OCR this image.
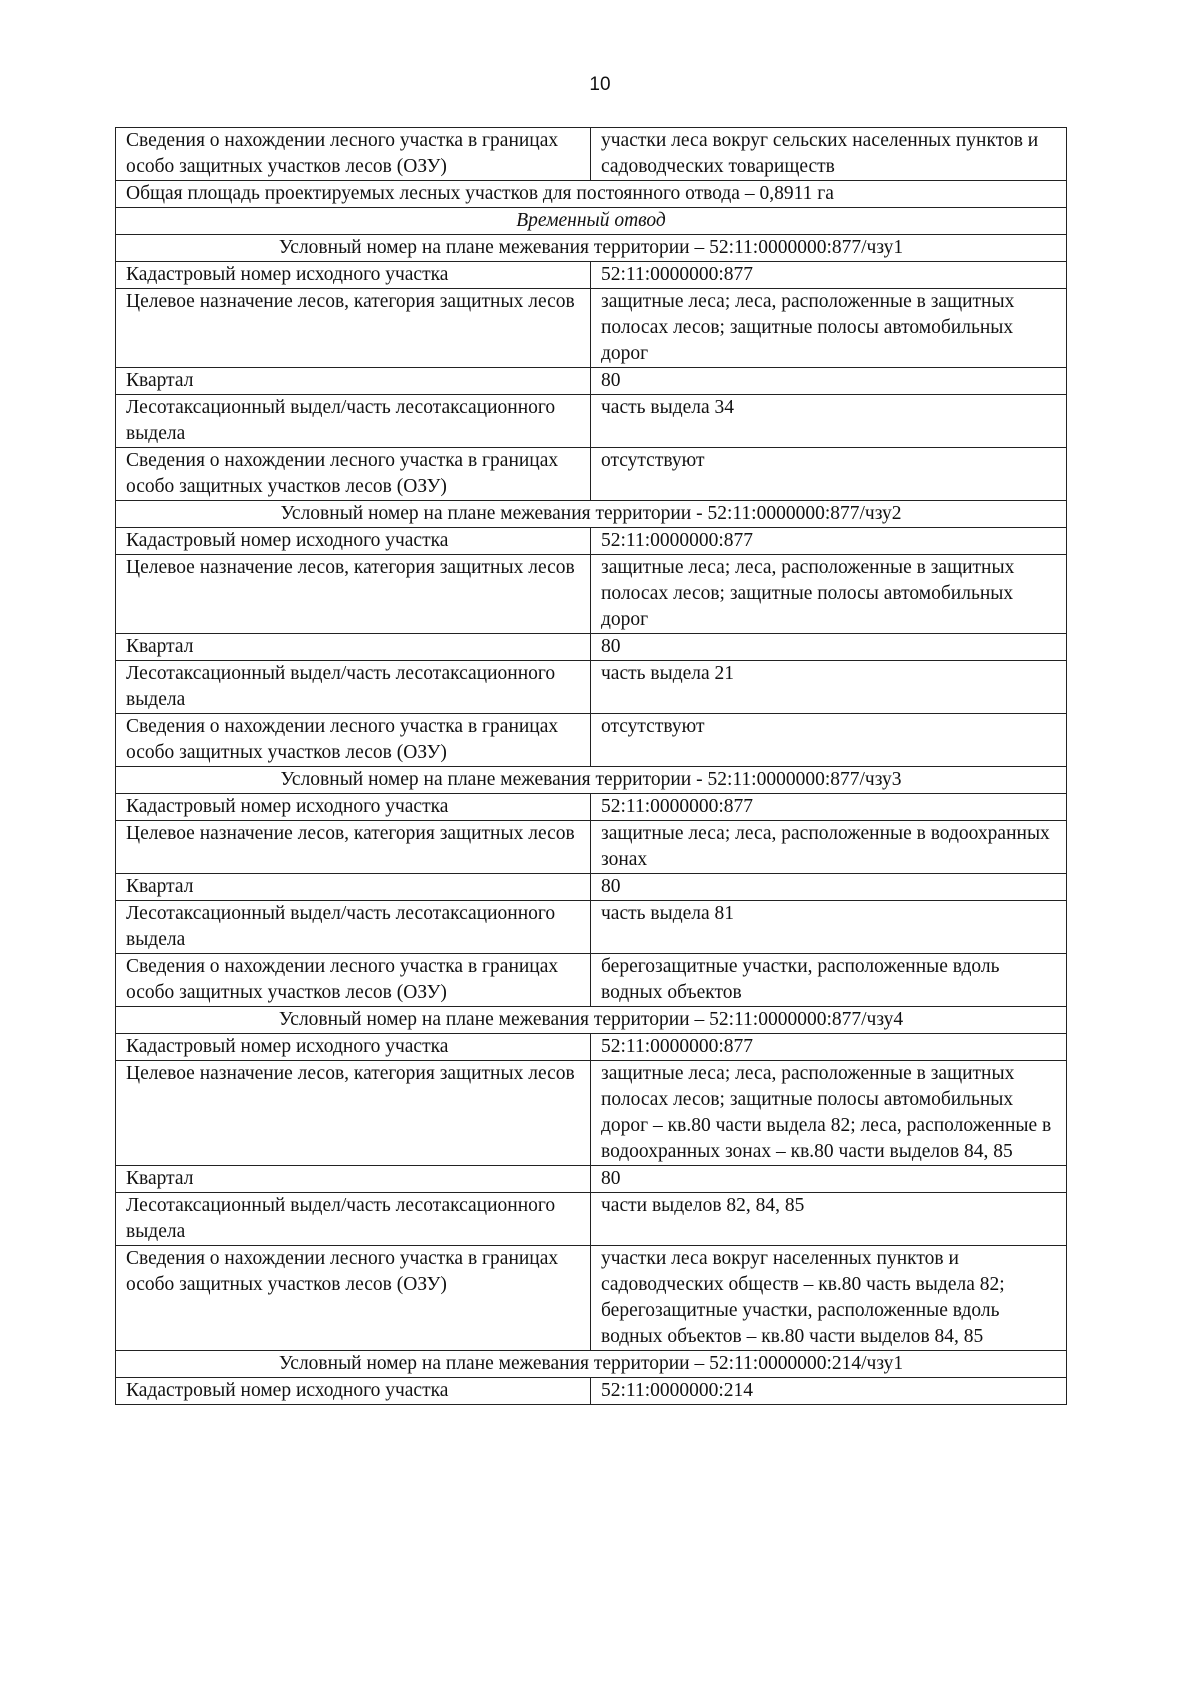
10
Сведения о нахождении лесного участка в границах особо защитных участков лесов (ОЗУ)	участки леса вокруг сельских населенных пунктов и садоводческих товариществ
Общая площадь проектируемых лесных участков для постоянного отвода – 0,8911 га	
Временный отвод	
Условный номер на плане межевания территории – 52:11:0000000:877/чзу1	
Кадастровый номер исходного участка	52:11:0000000:877
Целевое назначение лесов, категория защитных лесов	защитные леса; леса, расположенные в защитных полосах лесов; защитные полосы автомобильных дорог
Квартал	80
Лесотаксационный выдел/часть лесотаксационного выдела	часть выдела 34
Сведения о нахождении лесного участка в границах особо защитных участков лесов (ОЗУ)	отсутствуют
Условный номер на плане межевания территории - 52:11:0000000:877/чзу2	
Кадастровый номер исходного участка	52:11:0000000:877
Целевое назначение лесов, категория защитных лесов	защитные леса; леса, расположенные в защитных полосах лесов; защитные полосы автомобильных дорог
Квартал	80
Лесотаксационный выдел/часть лесотаксационного выдела	часть выдела 21
Сведения о нахождении лесного участка в границах особо защитных участков лесов (ОЗУ)	отсутствуют
Условный номер на плане межевания территории - 52:11:0000000:877/чзу3	
Кадастровый номер исходного участка	52:11:0000000:877
Целевое назначение лесов, категория защитных лесов	защитные леса; леса, расположенные в водоохранных зонах
Квартал	80
Лесотаксационный выдел/часть лесотаксационного выдела	часть выдела 81
Сведения о нахождении лесного участка в границах особо защитных участков лесов (ОЗУ)	берегозащитные участки, расположенные вдоль водных объектов
Условный номер на плане межевания территории – 52:11:0000000:877/чзу4	
Кадастровый номер исходного участка	52:11:0000000:877
Целевое назначение лесов, категория защитных лесов	защитные леса; леса, расположенные в защитных полосах лесов; защитные полосы автомобильных дорог – кв.80 части выдела 82; леса, расположенные в водоохранных зонах – кв.80 части выделов 84, 85
Квартал	80
Лесотаксационный выдел/часть лесотаксационного выдела	части выделов 82, 84, 85
Сведения о нахождении лесного участка в границах особо защитных участков лесов (ОЗУ)	участки леса вокруг населенных пунктов и садоводческих обществ – кв.80 часть выдела 82; берегозащитные участки, расположенные вдоль водных объектов – кв.80 части выделов 84, 85
Условный номер на плане межевания территории – 52:11:0000000:214/чзу1	
Кадастровый номер исходного участка	52:11:0000000:214
